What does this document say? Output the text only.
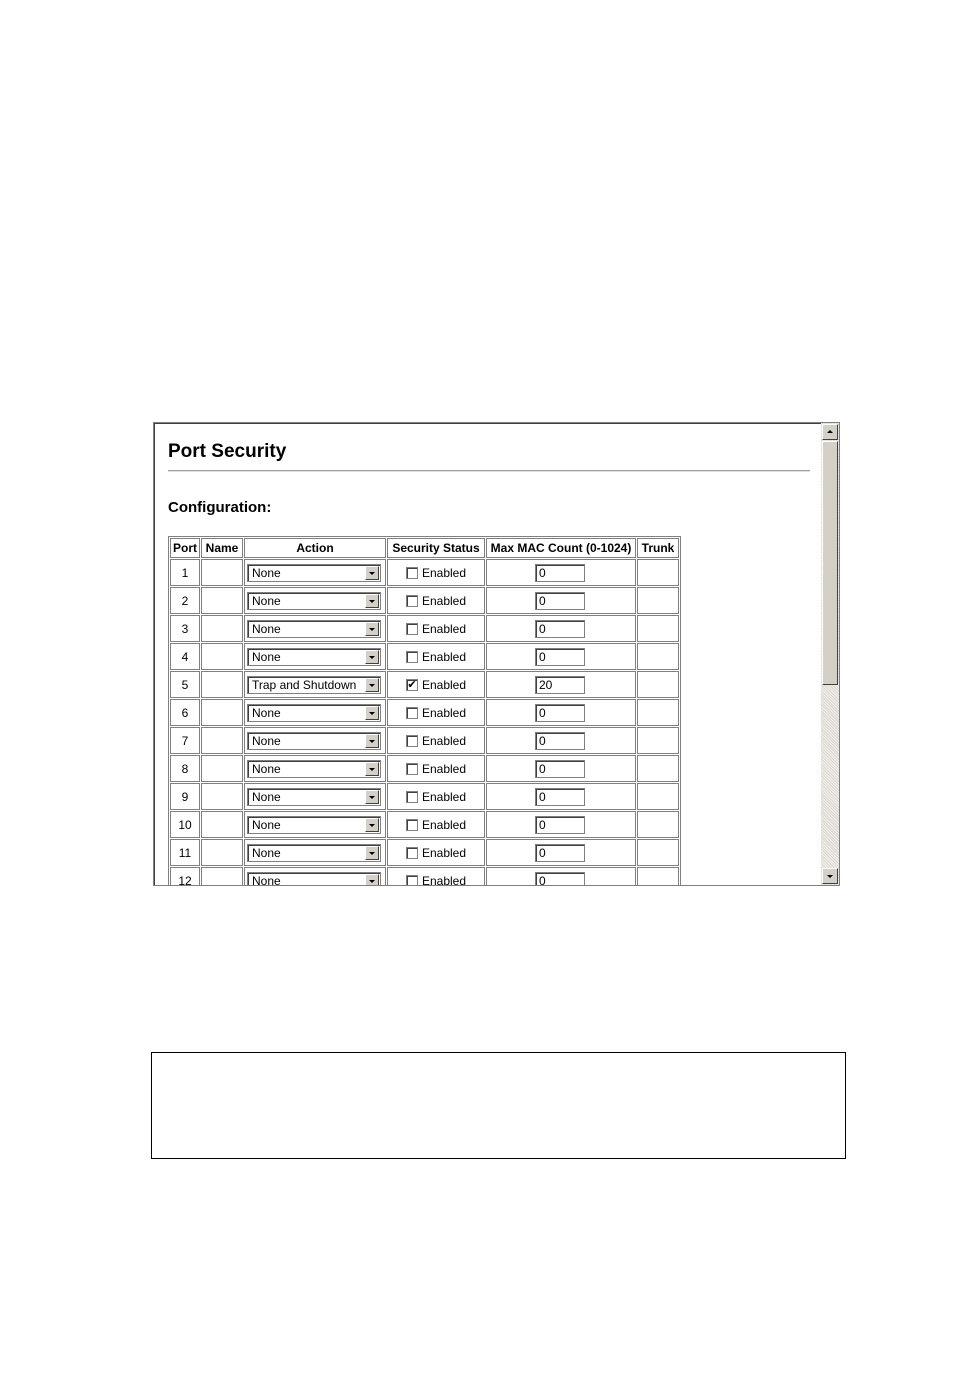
Port Security
Configuration:
Port	Name	Action	Security Status	Max MAC Count (0-1024)	Trunk
1		None	Enabled	0	

2		None	Enabled	0	

3		None	Enabled	0	

4		None	Enabled	0	

5		Trap and Shutdown	✔ Enabled	20	

6		None	Enabled	0	

7		None	Enabled	0	

8		None	Enabled	0	

9		None	Enabled	0	

10		None	Enabled	0	

11		None	Enabled	0	

12		None	Enabled	0	
